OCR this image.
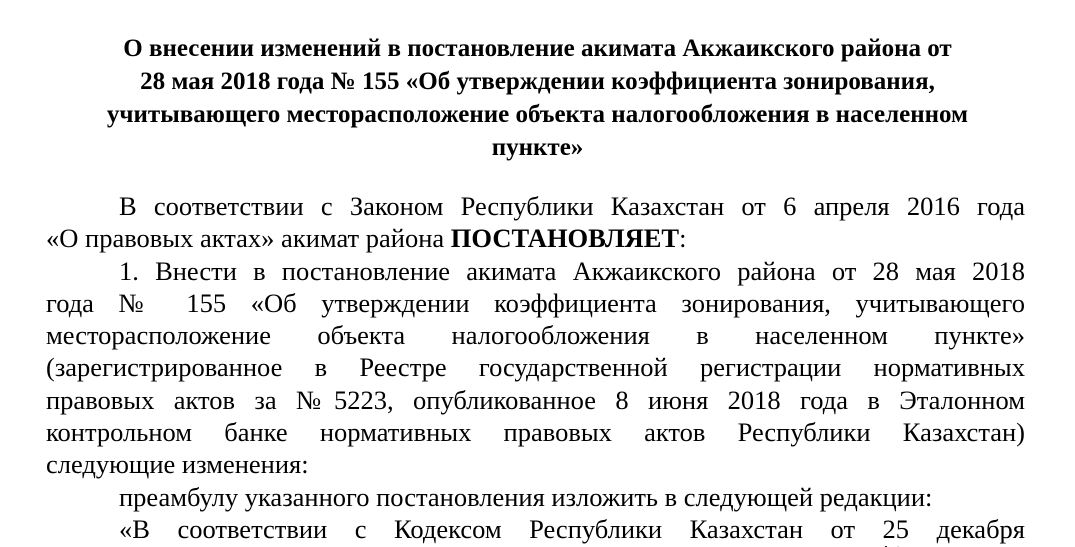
О внесении изменений в постановление акимата Акжаикского района от
28 мая 2018 года № 155 «Об утверждении коэффициента зонирования,
учитывающего месторасположение объекта налогообложения в населенном
пункте»
В соответствии с Законом Республики Казахстан от 6 апреля 2016 года
«О правовых актах» акимат района ПОСТАНОВЛЯЕТ:
1. Внести в постановление акимата Акжаикского района от 28 мая 2018
года № 155 «Об утверждении коэффициента зонирования, учитывающего
месторасположение объекта налогообложения в населенном пункте»
(зарегистрированное в Реестре государственной регистрации нормативных
правовых актов за №5223, опубликованное 8 июня 2018 года в Эталонном
контрольном банке нормативных правовых актов Республики Казахстан)
следующие изменения:
преамбулу указанного постановления изложить в следующей редакции:
«В соответствии с Кодексом Республики Казахстан от 25 декабря
